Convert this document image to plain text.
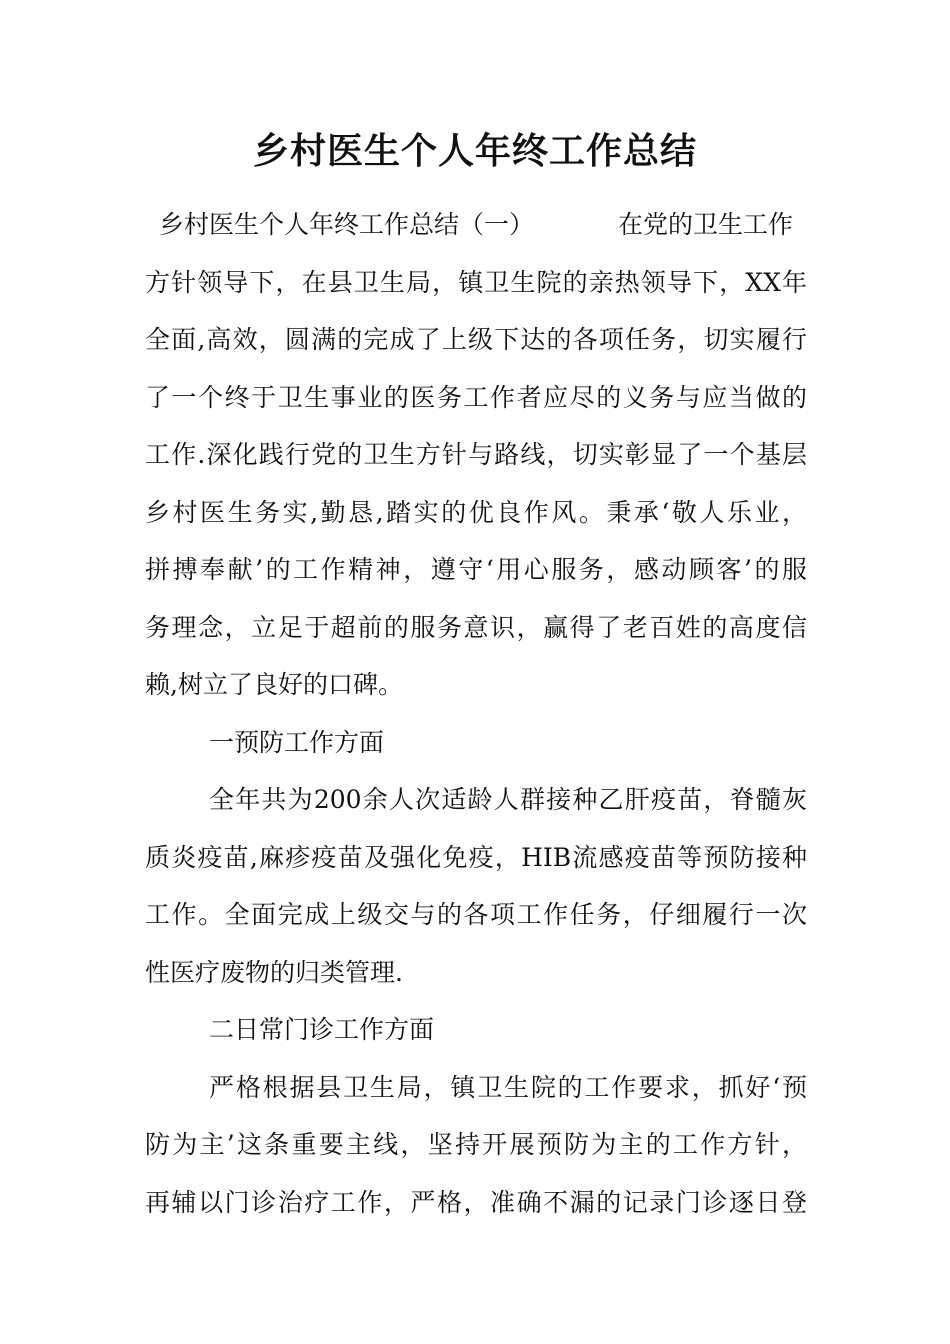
乡村医生个人年终工作总结
乡村医生个人年终工作总结（一）	在党的卫生工作
方针领导下，在县卫生局，镇卫生院的亲热领导下，XX年
全面,高效，圆满的完成了上级下达的各项任务，切实履行
了一个终于卫生事业的医务工作者应尽的义务与应当做的
工作.深化践行党的卫生方针与路线，切实彰显了一个基层
乡村医生务实,勤恳,踏实的优良作风。秉承‘敬人乐业，
拼搏奉献’的工作精神，遵守‘用心服务，感动顾客’的服
务理念，立足于超前的服务意识，赢得了老百姓的高度信
赖,树立了良好的口碑。
一预防工作方面
全年共为200余人次适龄人群接种乙肝疫苗，脊髓灰
质炎疫苗,麻疹疫苗及强化免疫，HIB流感疫苗等预防接种
工作。全面完成上级交与的各项工作任务，仔细履行一次
性医疗废物的归类管理.
二日常门诊工作方面
严格根据县卫生局，镇卫生院的工作要求，抓好‘预
防为主’这条重要主线，坚持开展预防为主的工作方针，
再辅以门诊治疗工作，严格，准确不漏的记录门诊逐日登
